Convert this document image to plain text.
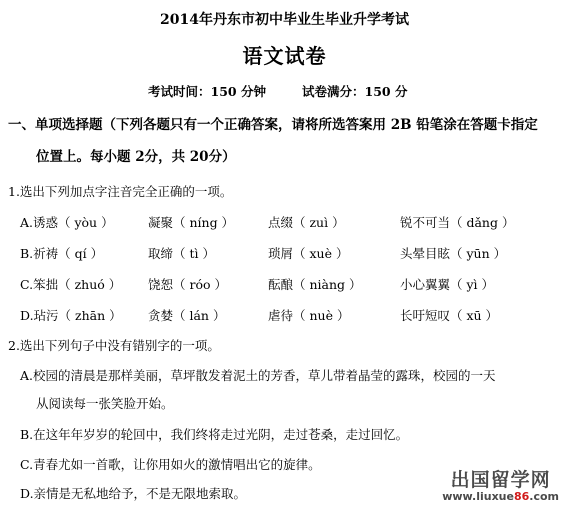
2014年丹东市初中毕业生毕业升学考试
语文试卷
考试时间：150 分钟	试卷满分：150 分
一、单项选择题（下列各题只有一个正确答案，请将所选答案用 2B 铅笔涂在答题卡指定
位置上。每小题 2分，共 20分）
1.选出下列加点字注音完全正确的一项。
A.诱惑（ yòu ）	凝聚（ níng ）	点缀（ zuì ）	锐不可当（ dǎng ）
B.祈祷（ qí ）	取缔（ tì ）	琐屑（ xuè ）	头晕目眩（ yūn ）
C.笨拙（ zhuó ） 饶恕（ róo ）	酝酿（ niàng ）	小心翼翼（ yì ）
D.玷污（ zhān ） 贪婪（ lán ）	虐待（ nuè ）	长吁短叹（ xū ）
2.选出下列句子中没有错别字的一项。
A.校园的清晨是那样美丽，草坪散发着泥土的芳香，草儿带着晶莹的露珠，校园的一天
从阅读每一张笑脸开始。
B.在这年年岁岁的轮回中，我们终将走过光阴，走过苍桑，走过回忆。
C.青春尤如一首歌，让你用如火的激情唱出它的旋律。
D.亲情是无私地给予，不是无限地索取。
出国留学网
www.liuxue86.com
